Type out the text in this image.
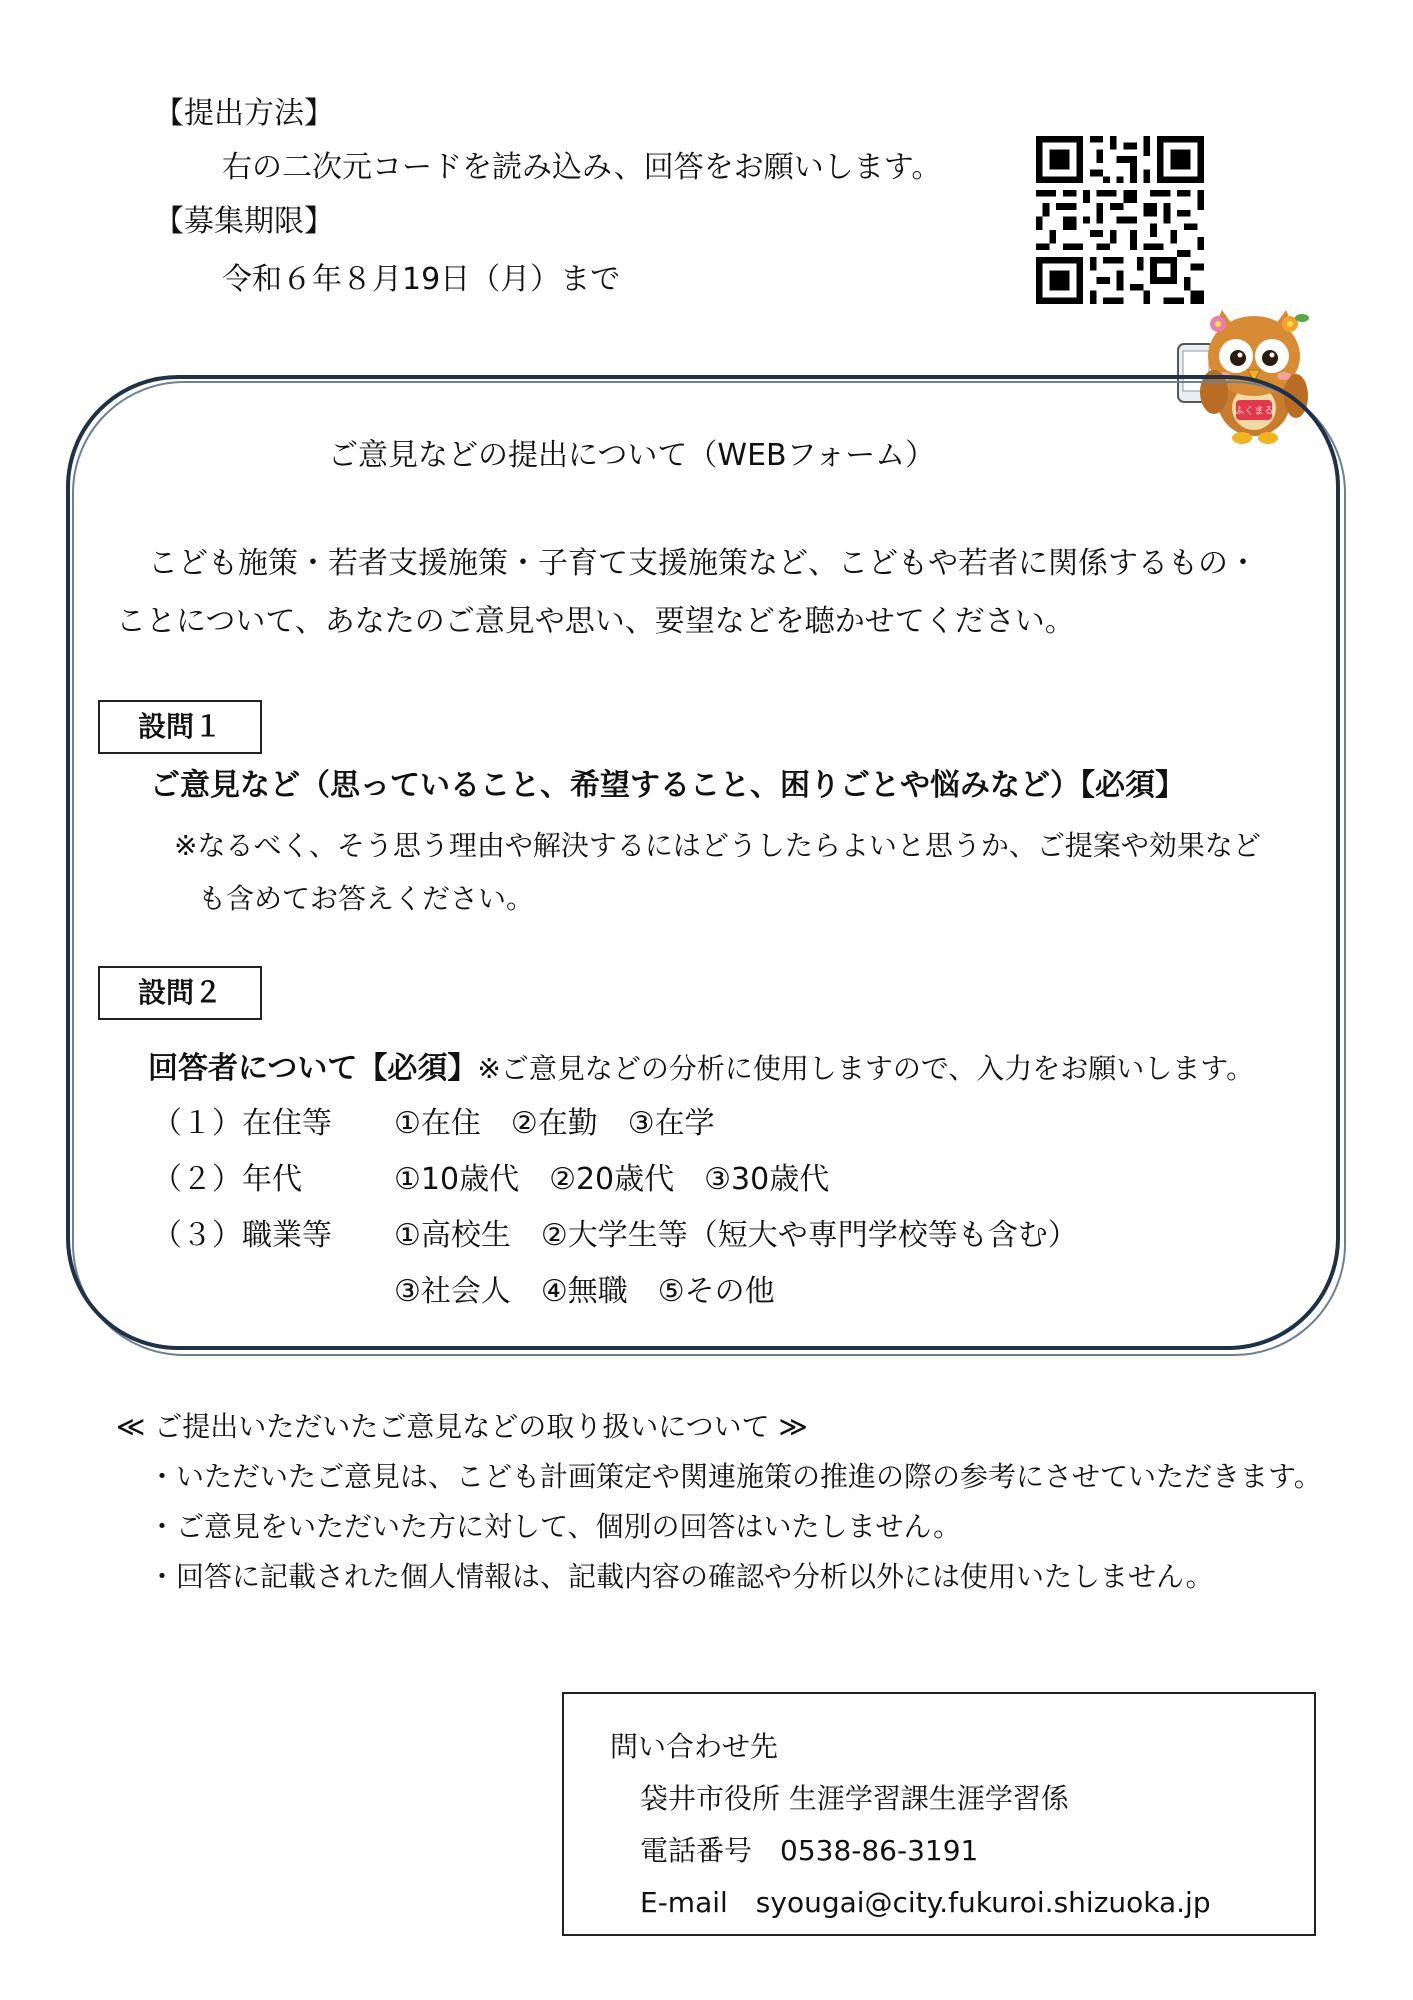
【提出方法】
右の二次元コードを読み込み、回答をお願いします。
【募集期限】
令和６年８月19日（月）まで
ふくまる
ご意見などの提出について（WEBフォーム）
こども施策・若者支援施策・子育て支援施策など、こどもや若者に関係するもの・
ことについて、あなたのご意見や思い、要望などを聴かせてください。
設問１
ご意見など（思っていること、希望すること、困りごとや悩みなど）【必須】
※なるべく、そう思う理由や解決するにはどうしたらよいと思うか、ご提案や効果など
も含めてお答えください。
設問２
回答者について【必須】※ご意見などの分析に使用しますので、入力をお願いします。
（１）在住等 ①在住　②在勤　③在学
（２）年代	①10歳代　②20歳代　③30歳代
（３）職業等 ①高校生　②大学生等（短大や専門学校等も含む）
③社会人　④無職　⑤その他
≪ ご提出いただいたご意見などの取り扱いについて ≫
・いただいたご意見は、こども計画策定や関連施策の推進の際の参考にさせていただきます。
・ご意見をいただいた方に対して、個別の回答はいたしません。
・回答に記載された個人情報は、記載内容の確認や分析以外には使用いたしません。
問い合わせ先
袋井市役所 生涯学習課生涯学習係
電話番号　0538-86-3191
E-mail　syougai@city.fukuroi.shizuoka.jp
